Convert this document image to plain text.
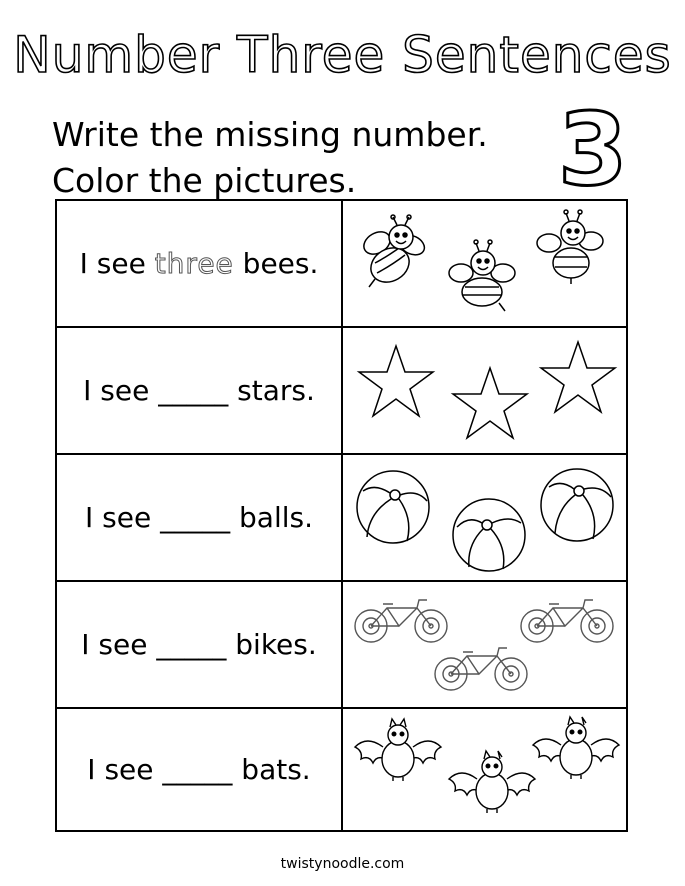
Number Three Sentences
Write the missing number.
Color the pictures.	3
I see three bees.
I see _____ stars.
I see _____ balls.
I see _____ bikes.
I see _____ bats.
twistynoodle.com
